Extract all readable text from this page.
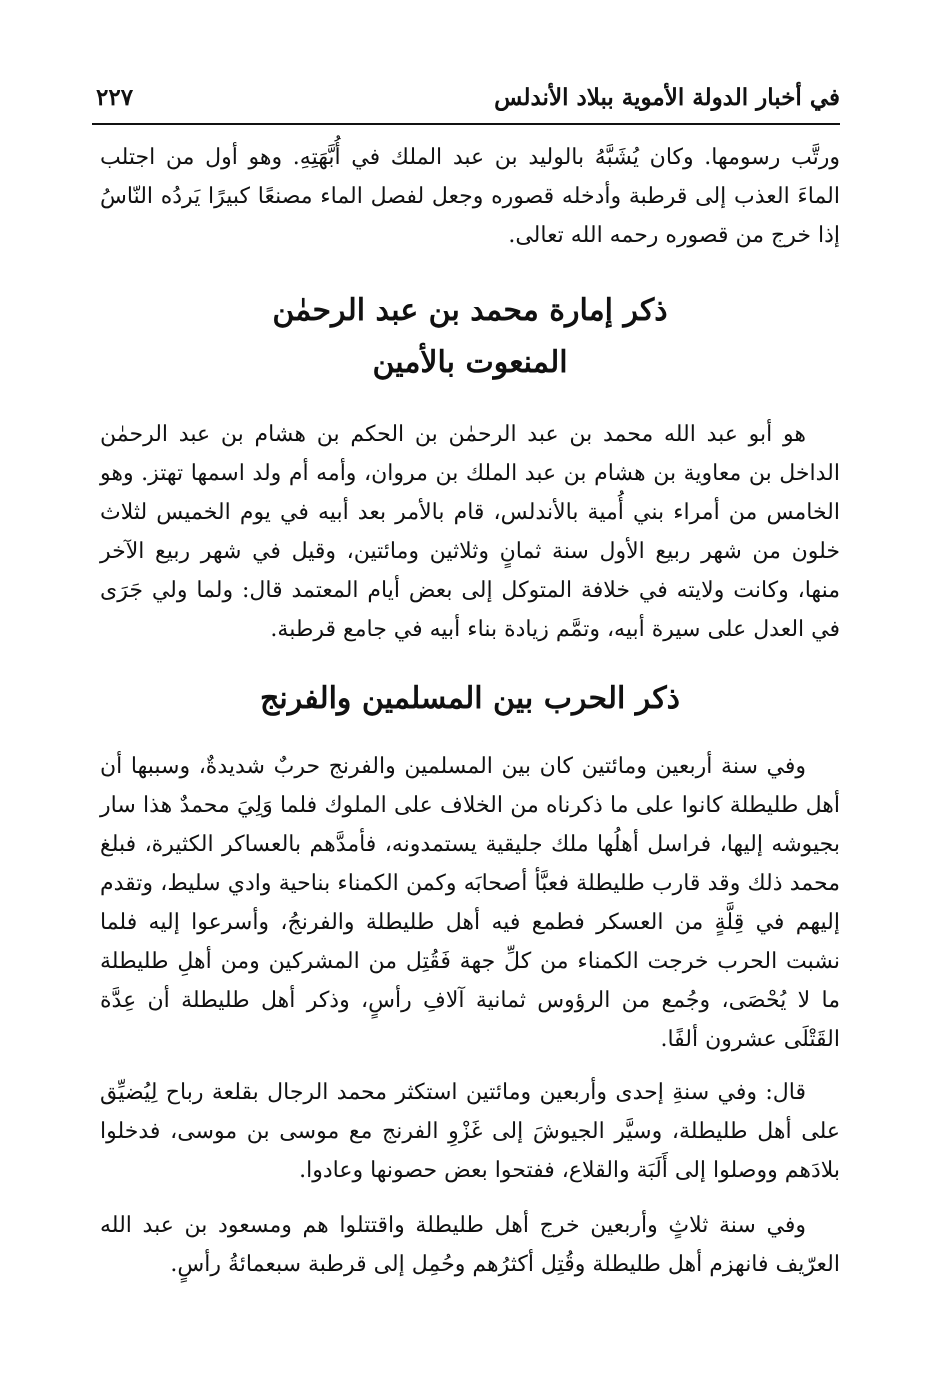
في أخبار الدولة الأموية ببلاد الأندلس
٢٢٧

ورتَّب رسومها. وكان يُشَبَّهُ بالوليد بن عبد الملك في أُبَّهَتِهِ. وهو أول من اجتلب الماءَ العذب إلى قرطبة وأدخله قصوره وجعل لفصل الماء مصنعًا كبيرًا يَردُه النّاسُ إذا خرج من قصوره رحمه الله تعالى.

ذكر إمارة محمد بن عبد الرحمٰن

المنعوت بالأمين

هو أبو عبد الله محمد بن عبد الرحمٰن بن الحكم بن هشام بن عبد الرحمٰن الداخل بن معاوية بن هشام بن عبد الملك بن مروان، وأمه أم ولد اسمها تهتز. وهو الخامس من أمراء بني أُمية بالأندلس، قام بالأمر بعد أبيه في يوم الخميس لثلاث خلون من شهر ربيع الأول سنة ثمانٍ وثلاثين ومائتين، وقيل في شهر ربيع الآخر منها، وكانت ولايته في خلافة المتوكل إلى بعض أيام المعتمد قال: ولما ولي جَرَى في العدل على سيرة أبيه، وتمَّم زيادة بناء أبيه في جامع قرطبة.

ذكر الحرب بين المسلمين والفرنج

وفي سنة أربعين ومائتين كان بين المسلمين والفرنج حربٌ شديدةٌ، وسببها أن أهل طليطلة كانوا على ما ذكرناه من الخلاف على الملوك فلما وَلِيَ محمدٌ هذا سار بجيوشه إليها، فراسل أهلُها ملك جليقية يستمدونه، فأمدَّهم بالعساكر الكثيرة، فبلغ محمد ذلك وقد قارب طليطلة فعبَّأ أصحابَه وكمن الكمناء بناحية وادي سليط، وتقدم إليهم في قِلَّةٍ من العسكر فطمع فيه أهل طليطلة والفرنجُ، وأسرعوا إليه فلما نشبت الحرب خرجت الكمناء من كلِّ جهة فَقُتِل من المشركين ومن أهلِ طليطلة ما لا يُحْصَى، وجُمع من الرؤوس ثمانية آلافِ رأسٍ، وذكر أهل طليطلة أن عِدَّة القَتْلَى عشرون ألفًا.

قال: وفي سنةِ إحدى وأربعين ومائتين استكثر محمد الرجال بقلعة رباح لِيُضيِّق على أهل طليطلة، وسيَّر الجيوشَ إلى غَزْوِ الفرنج مع موسى بن موسى، فدخلوا بلادَهم ووصلوا إلى أَلَبَة والقلاع، ففتحوا بعض حصونها وعادوا.

وفي سنة ثلاثٍ وأربعين خرج أهل طليطلة واقتتلوا هم ومسعود بن عبد الله العرّيف فانهزم أهل طليطلة وقُتِل أكثرُهم وحُمِل إلى قرطبة سبعمائةُ رأسٍ.
